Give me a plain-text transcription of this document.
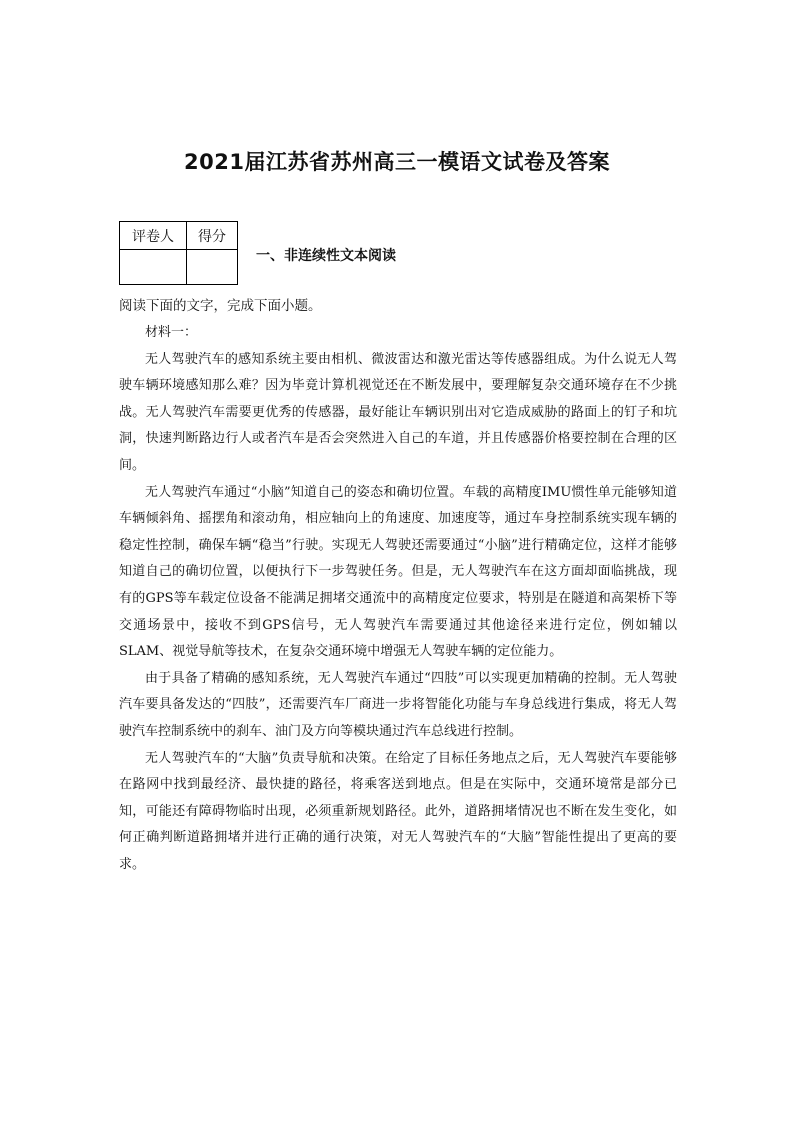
2021届江苏省苏州高三一模语文试卷及答案
评卷人	得分

一、非连续性文本阅读
阅读下面的文字，完成下面小题。

材料一：

无人驾驶汽车的感知系统主要由相机、微波雷达和激光雷达等传感器组成。为什么说无人驾驶车辆环境感知那么难？因为毕竟计算机视觉还在不断发展中，要理解复杂交通环境存在不少挑战。无人驾驶汽车需要更优秀的传感器，最好能让车辆识别出对它造成威胁的路面上的钉子和坑洞，快速判断路边行人或者汽车是否会突然进入自己的车道，并且传感器价格要控制在合理的区间。

无人驾驶汽车通过“小脑”知道自己的姿态和确切位置。车载的高精度IMU惯性单元能够知道车辆倾斜角、摇摆角和滚动角，相应轴向上的角速度、加速度等，通过车身控制系统实现车辆的稳定性控制，确保车辆“稳当”行驶。实现无人驾驶还需要通过“小脑”进行精确定位，这样才能够知道自己的确切位置，以便执行下一步驾驶任务。但是，无人驾驶汽车在这方面却面临挑战，现有的GPS等车载定位设备不能满足拥堵交通流中的高精度定位要求，特别是在隧道和高架桥下等交通场景中，接收不到GPS信号，无人驾驶汽车需要通过其他途径来进行定位，例如辅以SLAM、视觉导航等技术，在复杂交通环境中增强无人驾驶车辆的定位能力。

由于具备了精确的感知系统，无人驾驶汽车通过“四肢”可以实现更加精确的控制。无人驾驶汽车要具备发达的“四肢”，还需要汽车厂商进一步将智能化功能与车身总线进行集成，将无人驾驶汽车控制系统中的刹车、油门及方向等模块通过汽车总线进行控制。

无人驾驶汽车的“大脑”负责导航和决策。在给定了目标任务地点之后，无人驾驶汽车要能够在路网中找到最经济、最快捷的路径，将乘客送到地点。但是在实际中，交通环境常是部分已知，可能还有障碍物临时出现，必须重新规划路径。此外，道路拥堵情况也不断在发生变化，如何正确判断道路拥堵并进行正确的通行决策，对无人驾驶汽车的“大脑”智能性提出了更高的要求。
